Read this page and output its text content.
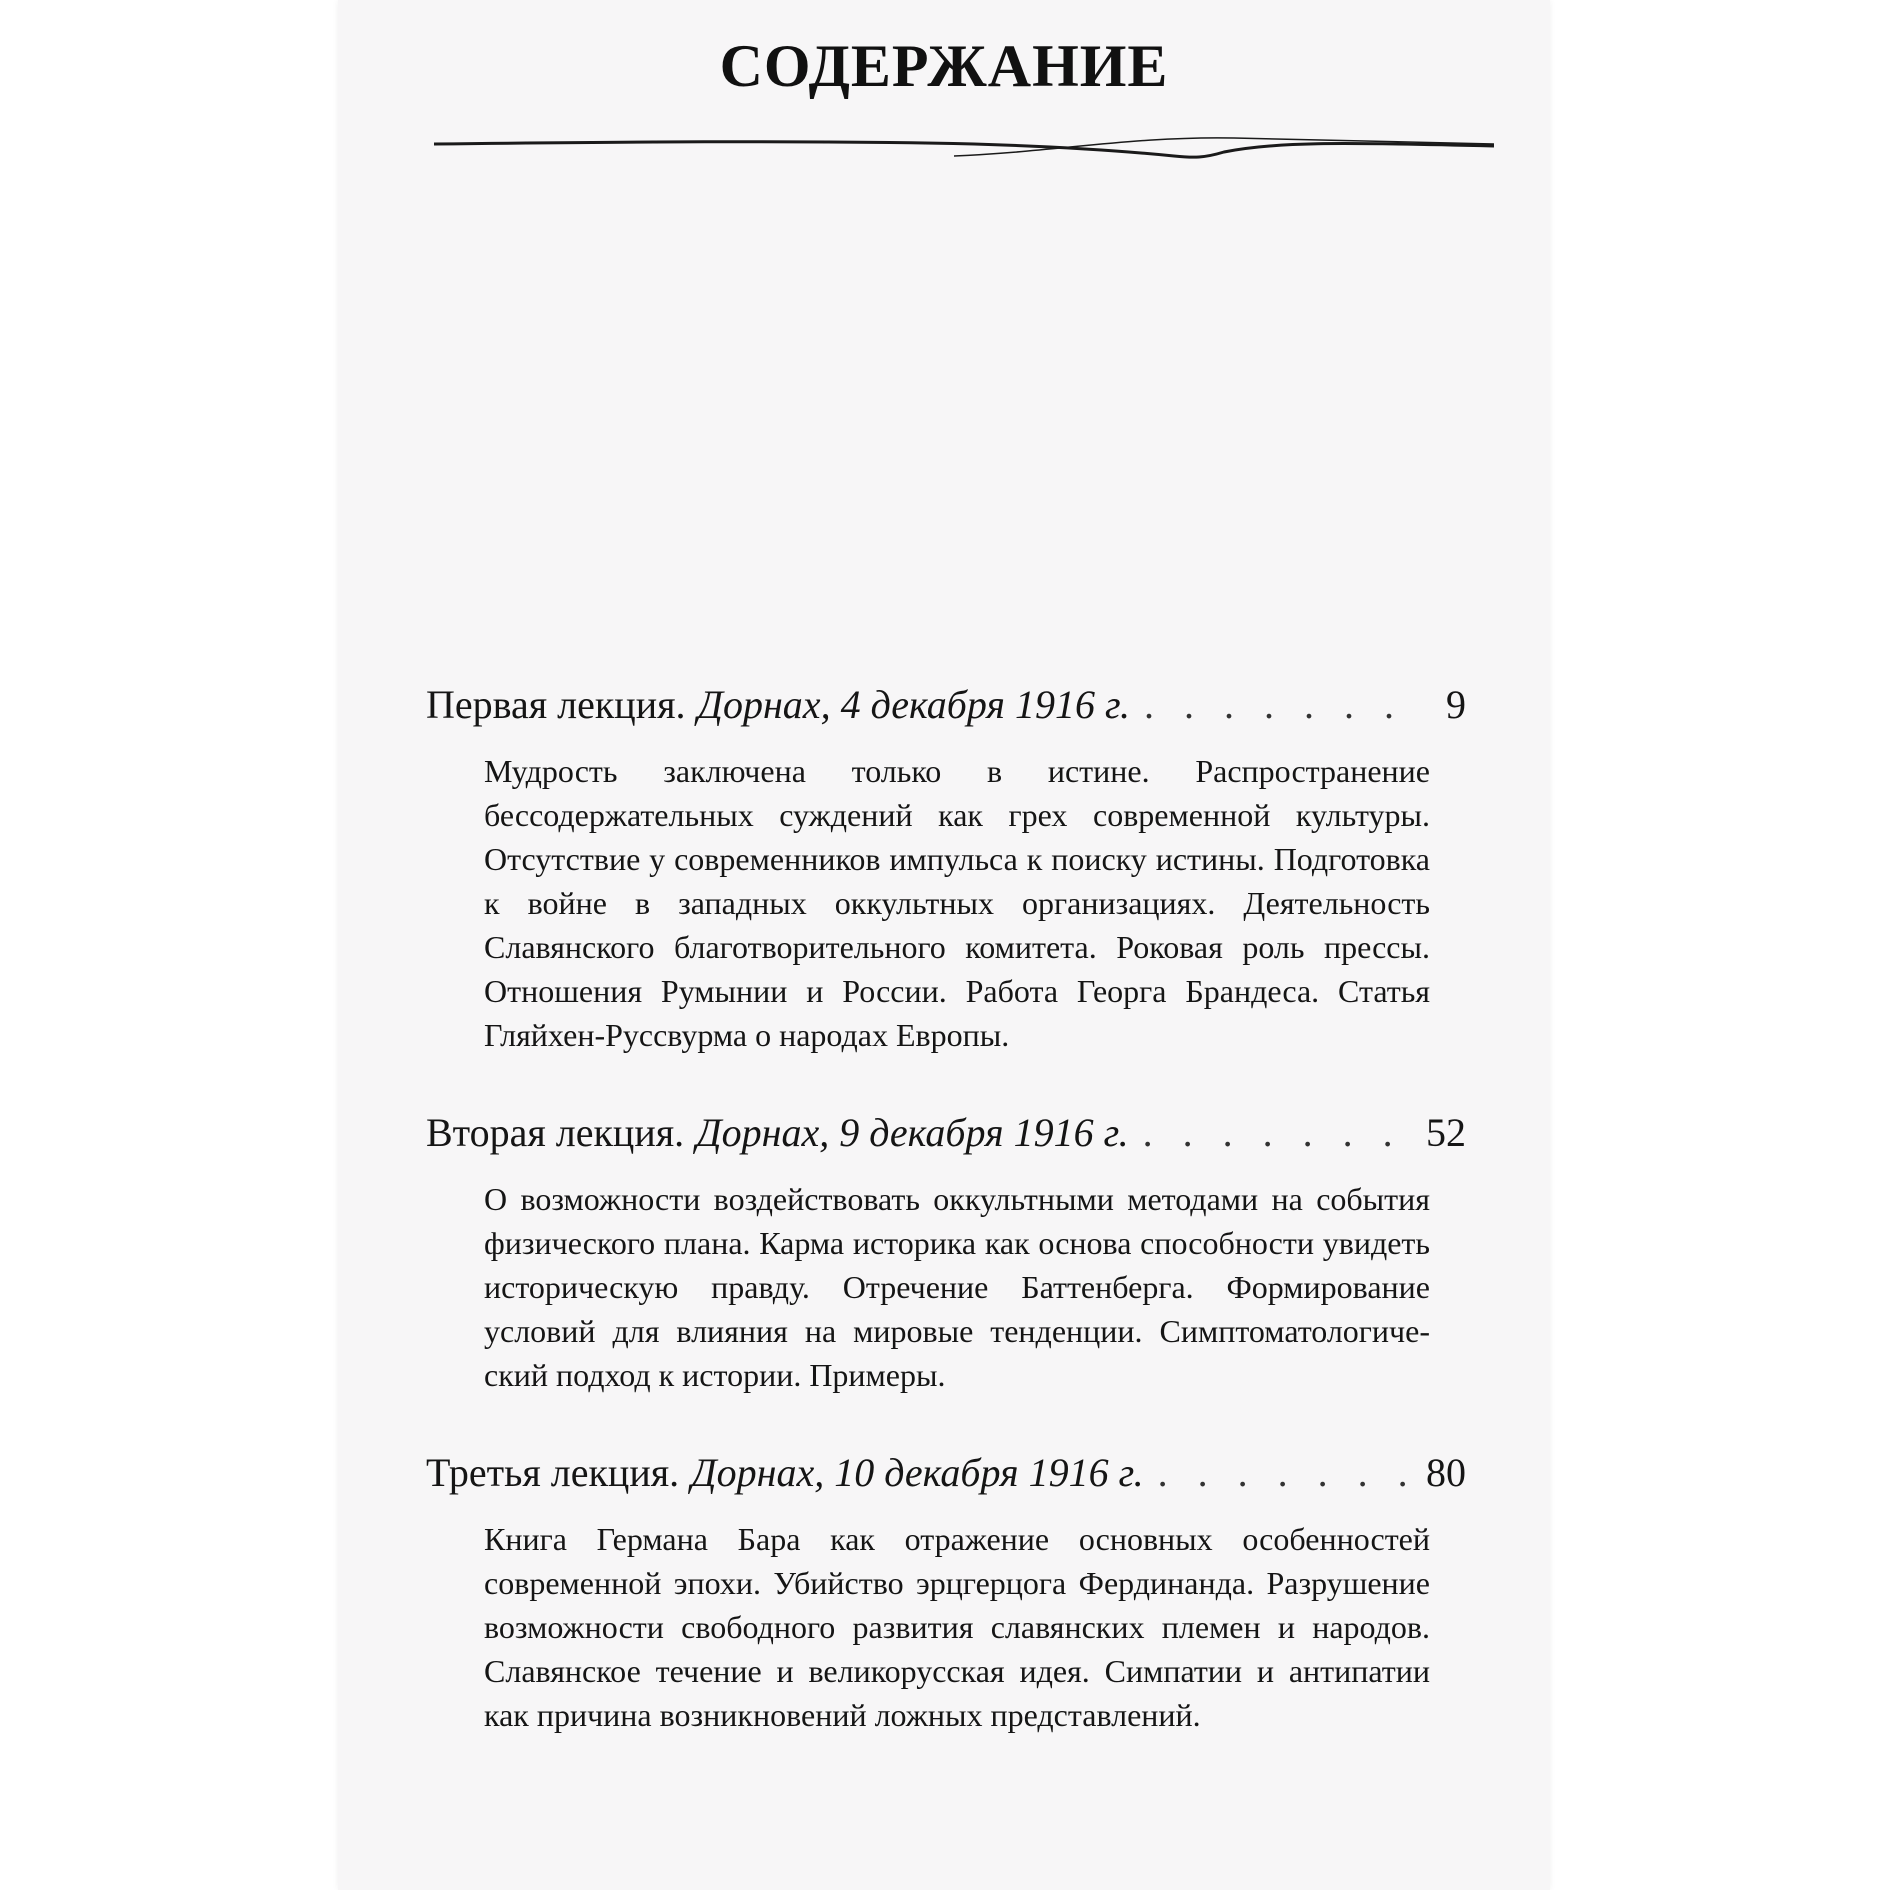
СОДЕРЖАНИЕ
Первая лекция. Дорнах, 4 декабря 1916 г. . . .	9

Мудрость заключена только в истине. Распространение бессодержательных суждений как грех современной культуры. Отсутствие у современников импульса к поиску истины. Подготовка к войне в западных оккультных организациях. Деятельность Славянского благотворительного комитета. Роковая роль прессы. Отношения Румынии и России. Работа Георга Брандеса. Статья Гляйхен-Руссвурма о народах Европы.

Вторая лекция. Дорнах, 9 декабря 1916 г. . . .	52

О возможности воздействовать оккультными методами на события физического плана. Карма историка как основа способности увидеть историческую правду. Отречение Баттенберга. Формирование условий для влияния на мировые тенденции. Симптоматологический подход к истории. Примеры.

Третья лекция. Дорнах, 10 декабря 1916 г. . . .	80

Книга Германа Бара как отражение основных особенностей современной эпохи. Убийство эрцгерцога Фердинанда. Разрушение возможности свободного развития славянских племен и народов. Славянское течение и великорусская идея. Симпатии и антипатии как причина возникновений ложных представлений.
